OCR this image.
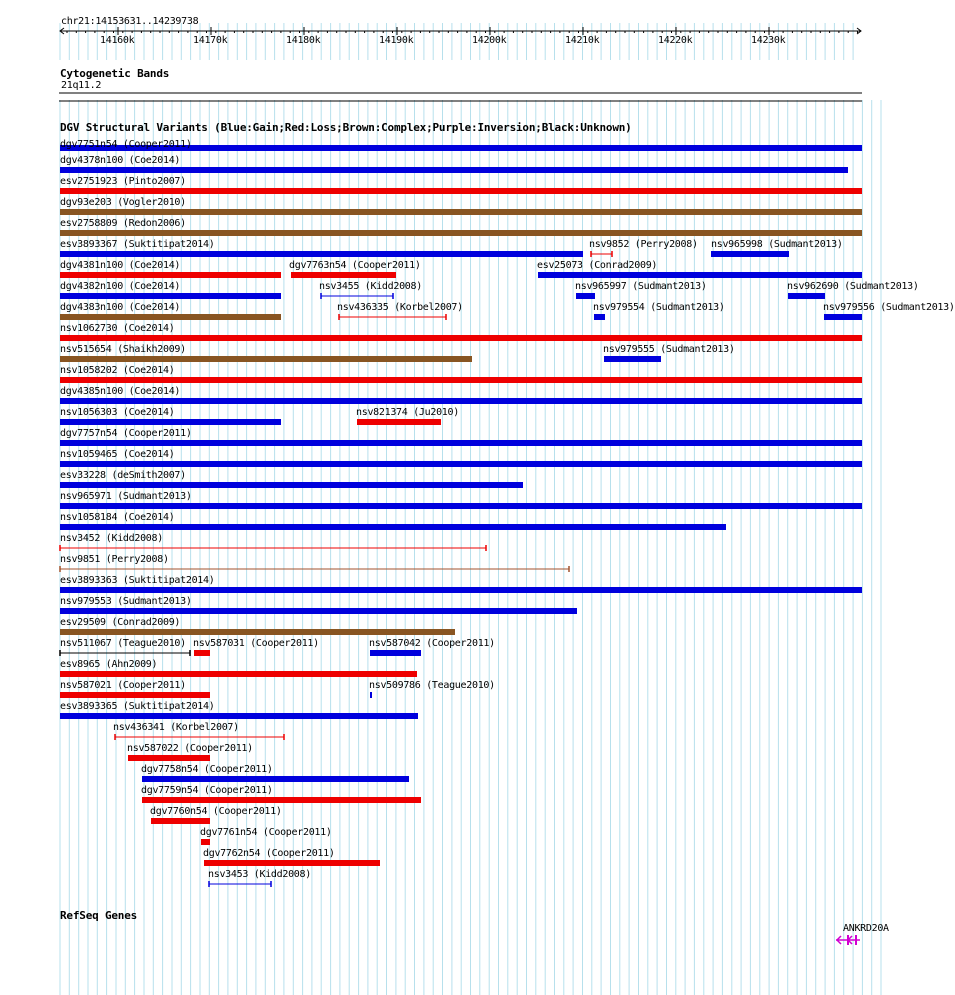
chr21:14153631..14239738
14160k	14170k	14180k	14190k	14200k	14210k	14220k	14230k
Cytogenetic Bands
21q11.2
DGV Structural Variants (Blue:Gain;Red:Loss;Brown:Complex;Purple:Inversion;Black:Unknown)
dgv7751n54 (Cooper2011)
dgv4378n100 (Coe2014)
esv2751923 (Pinto2007)
dgv93e203 (Vogler2010)
esv2758809 (Redon2006)
esv3893367 (Suktitipat2014)	nsv9852 (Perry2008) nsv965998 (Sudmant2013)
dgv4381n100 (Coe2014)	dgv7763n54 (Cooper2011)	esv25073 (Conrad2009)
dgv4382n100 (Coe2014)	nsv3455 (Kidd2008)	nsv965997 (Sudmant2013)	nsv962690 (Sudmant2013)
dgv4383n100 (Coe2014)	nsv436335 (Korbel2007)	nsv979554 (Sudmant2013)	nsv979556 (Sudmant2013)
nsv1062730 (Coe2014)
nsv515654 (Shaikh2009)	nsv979555 (Sudmant2013)
nsv1058202 (Coe2014)
dgv4385n100 (Coe2014)
nsv1056303 (Coe2014)	nsv821374 (Ju2010)
dgv7757n54 (Cooper2011)
nsv1059465 (Coe2014)
esv33228 (deSmith2007)
nsv965971 (Sudmant2013)
nsv1058184 (Coe2014)
nsv3452 (Kidd2008)
nsv9851 (Perry2008)
esv3893363 (Suktitipat2014)
nsv979553 (Sudmant2013)
esv29509 (Conrad2009)
nsv511067 (Teague2010) nsv587031 (Cooper2011)	nsv587042 (Cooper2011)
esv8965 (Ahn2009)
nsv587021 (Cooper2011)	nsv509786 (Teague2010)
esv3893365 (Suktitipat2014)
nsv436341 (Korbel2007)
nsv587022 (Cooper2011)
dgv7758n54 (Cooper2011)
dgv7759n54 (Cooper2011)
dgv7760n54 (Cooper2011)
dgv7761n54 (Cooper2011)
dgv7762n54 (Cooper2011)
nsv3453 (Kidd2008)
RefSeq Genes
ANKRD20A
